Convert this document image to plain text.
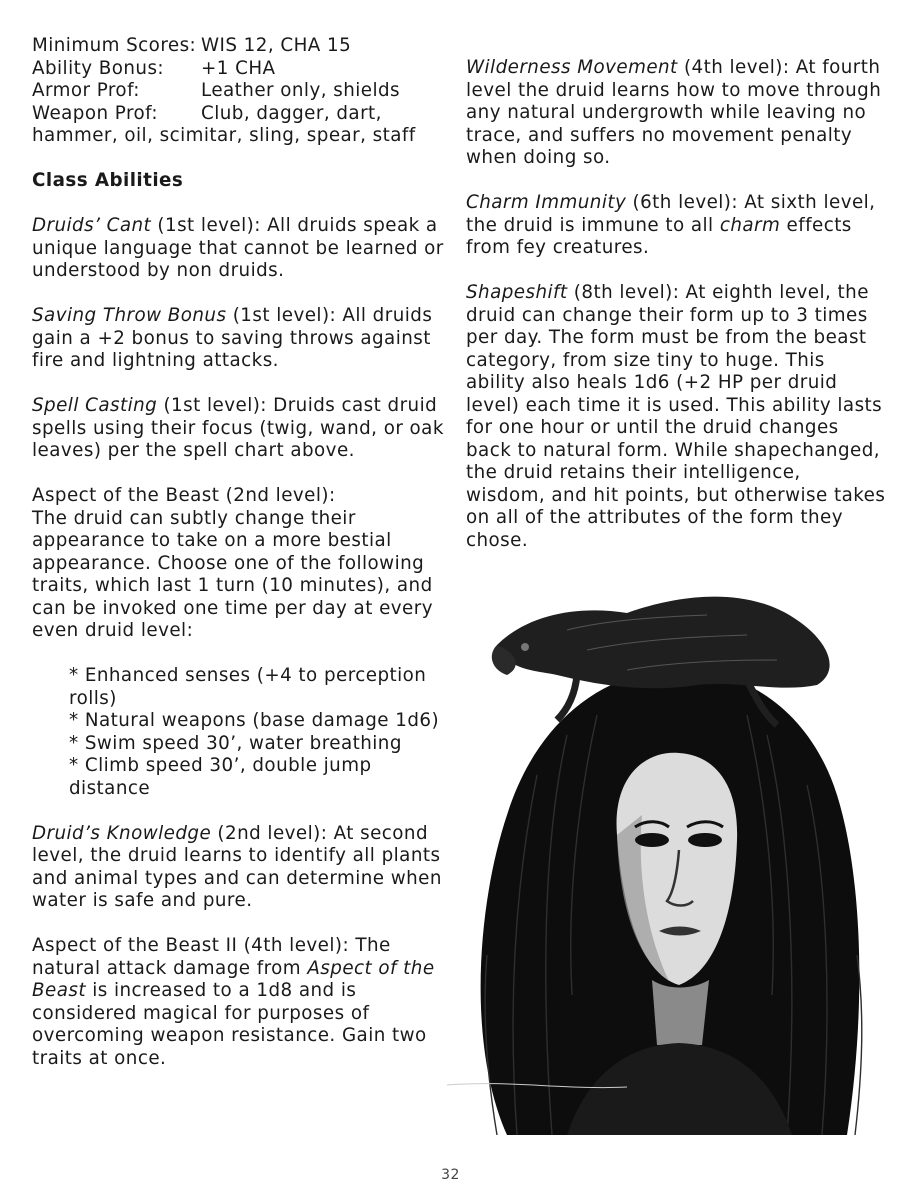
Minimum Scores: WIS 12, CHA 15
Ability Bonus:	+1 CHA
Armor Prof:	Leather only, shields
Weapon Prof:	Club, dagger, dart,

hammer, oil, scimitar, sling, spear, staff

Class Abilities

Druids’ Cant (1st level): All druids speak a unique language that cannot be learned or understood by non druids.

Saving Throw Bonus (1st level): All druids gain a +2 bonus to saving throws against fire and lightning attacks.

Spell Casting (1st level): Druids cast druid spells using their focus (twig, wand, or oak leaves) per the spell chart above.

Aspect of the Beast (2nd level):

The druid can subtly change their appearance to take on a more bestial appearance. Choose one of the following traits, which last 1 turn (10 minutes), and can be invoked one time per day at every even druid level:

* Enhanced senses (+4 to perception rolls)
* Natural weapons (base damage 1d6)
* Swim speed 30’, water breathing
* Climb speed 30’, double jump distance

Druid’s Knowledge (2nd level): At second level, the druid learns to identify all plants and animal types and can determine when water is safe and pure.

Aspect of the Beast II (4th level): The natural attack damage from Aspect of the Beast is increased to a 1d8 and is considered magical for purposes of overcoming weapon resistance. Gain two traits at once.

Wilderness Movement (4th level): At fourth level the druid learns how to move through any natural undergrowth while leaving no trace, and suffers no movement penalty when doing so.

Charm Immunity (6th level): At sixth level, the druid is immune to all charm effects from fey creatures.

Shapeshift (8th level): At eighth level, the druid can change their form up to 3 times per day. The form must be from the beast category, from size tiny to huge. This ability also heals 1d6 (+2 HP per druid level) each time it is used. This ability lasts for one hour or until the druid changes back to natural form. While shapechanged, the druid retains their intelligence, wisdom, and hit points, but otherwise takes on all of the attributes of the form they chose.

32
